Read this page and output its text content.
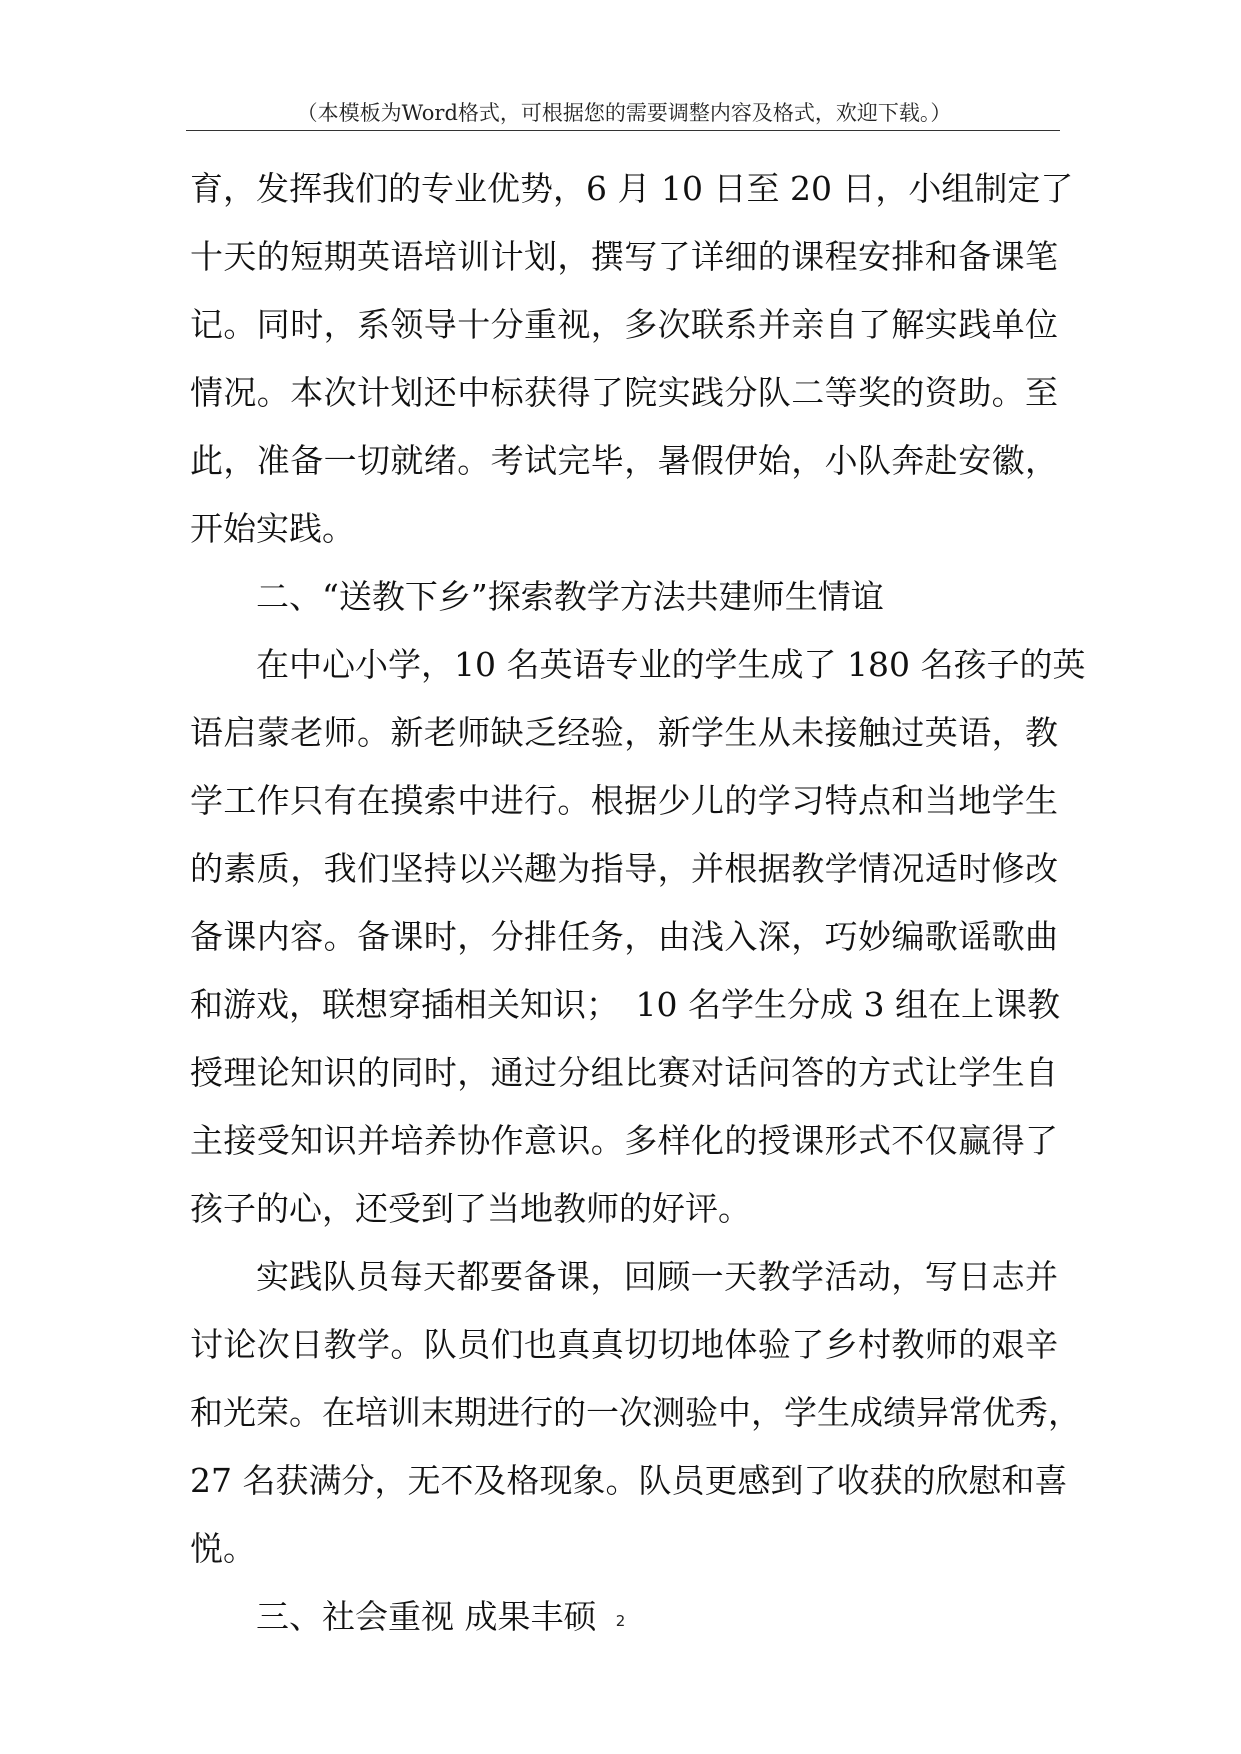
（本模板为Word格式，可根据您的需要调整内容及格式，欢迎下载。）
育，发挥我们的专业优势，6 月 10 日至 20 日，小组制定了
十天的短期英语培训计划，撰写了详细的课程安排和备课笔
记。同时，系领导十分重视，多次联系并亲自了解实践单位
情况。本次计划还中标获得了院实践分队二等奖的资助。至
此，准备一切就绪。考试完毕，暑假伊始，小队奔赴安徽，
开始实践。
二、“送教下乡”探索教学方法共建师生情谊
在中心小学，10 名英语专业的学生成了 180 名孩子的英
语启蒙老师。新老师缺乏经验，新学生从未接触过英语，教
学工作只有在摸索中进行。根据少儿的学习特点和当地学生
的素质，我们坚持以兴趣为指导，并根据教学情况适时修改
备课内容。备课时，分排任务，由浅入深，巧妙编歌谣歌曲
和游戏，联想穿插相关知识；　10 名学生分成 3 组在上课教
授理论知识的同时，通过分组比赛对话问答的方式让学生自
主接受知识并培养协作意识。多样化的授课形式不仅赢得了
孩子的心，还受到了当地教师的好评。
实践队员每天都要备课，回顾一天教学活动，写日志并
讨论次日教学。队员们也真真切切地体验了乡村教师的艰辛
和光荣。在培训末期进行的一次测验中，学生成绩异常优秀，
27 名获满分，无不及格现象。队员更感到了收获的欣慰和喜
悦。
三、社会重视 成果丰硕	2
